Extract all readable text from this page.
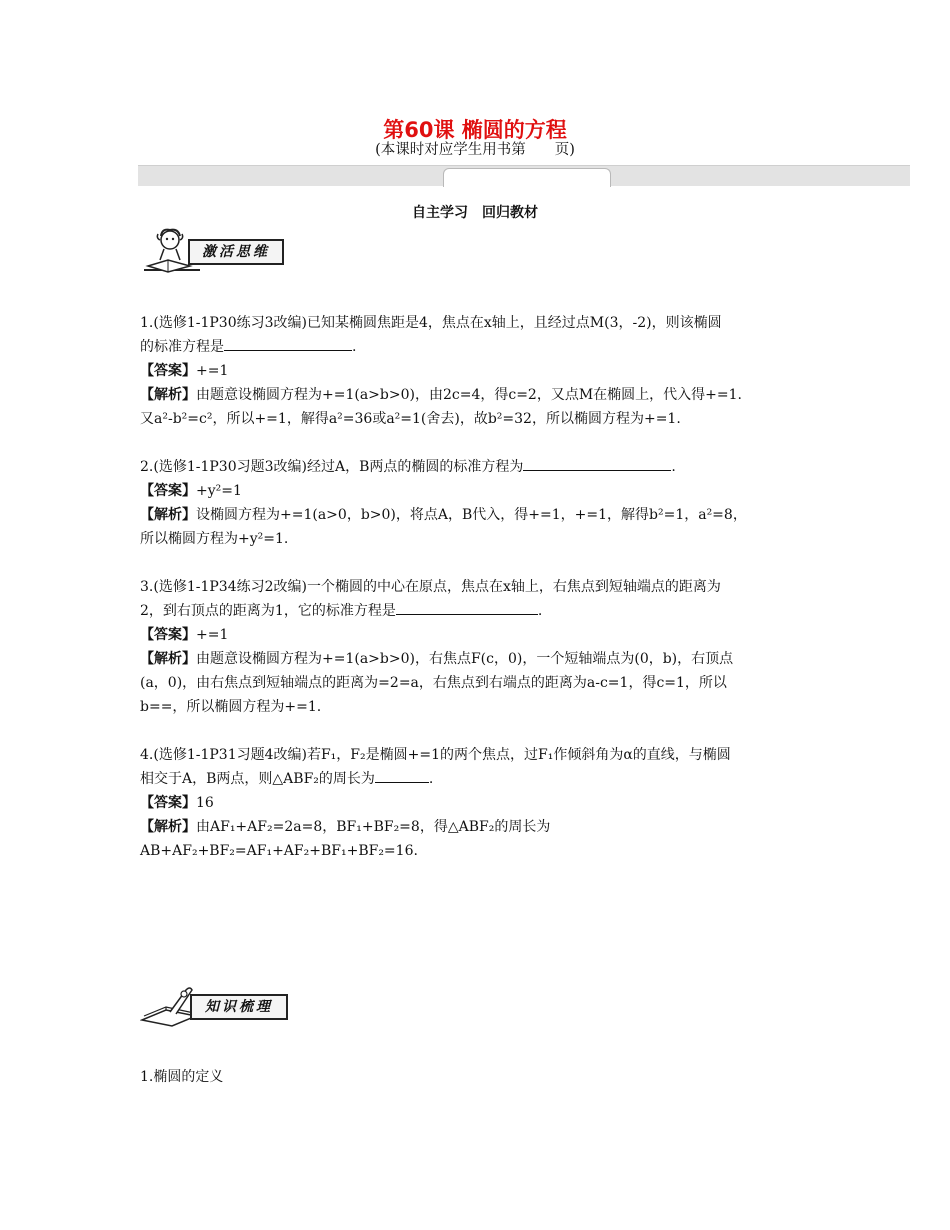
第60课 椭圆的方程
(本课时对应学生用书第　　页)
自主学习　回归教材
激活思维

1.(选修1-1P30练习3改编)已知某椭圆焦距是4，焦点在x轴上，且经过点M(3，-2)，则该椭圆

的标准方程是	.

【答案】+=1

【解析】由题意设椭圆方程为+=1(a>b>0)，由2c=4，得c=2，又点M在椭圆上，代入得+=1.

又a²-b²=c²，所以+=1，解得a²=36或a²=1(舍去)，故b²=32，所以椭圆方程为+=1.

2.(选修1-1P30习题3改编)经过A，B两点的椭圆的标准方程为	.

【答案】+y²=1

【解析】设椭圆方程为+=1(a>0，b>0)，将点A，B代入，得+=1，+=1，解得b²=1，a²=8，

所以椭圆方程为+y²=1.

3.(选修1-1P34练习2改编)一个椭圆的中心在原点，焦点在x轴上，右焦点到短轴端点的距离为

2，到右顶点的距离为1，它的标准方程是	.

【答案】+=1

【解析】由题意设椭圆方程为+=1(a>b>0)，右焦点F(c，0)，一个短轴端点为(0，b)，右顶点

(a，0)，由右焦点到短轴端点的距离为=2=a，右焦点到右端点的距离为a-c=1，得c=1，所以

b==，所以椭圆方程为+=1.

4.(选修1-1P31习题4改编)若F₁，F₂是椭圆+=1的两个焦点，过F₁作倾斜角为α的直线，与椭圆

相交于A，B两点，则△ABF₂的周长为	.

【答案】16

【解析】由AF₁+AF₂=2a=8，BF₁+BF₂=8，得△ABF₂的周长为AB+AF₂+BF₂=AF₁+AF₂+BF₁+BF₂=16.

知识梳理
1.椭圆的定义
